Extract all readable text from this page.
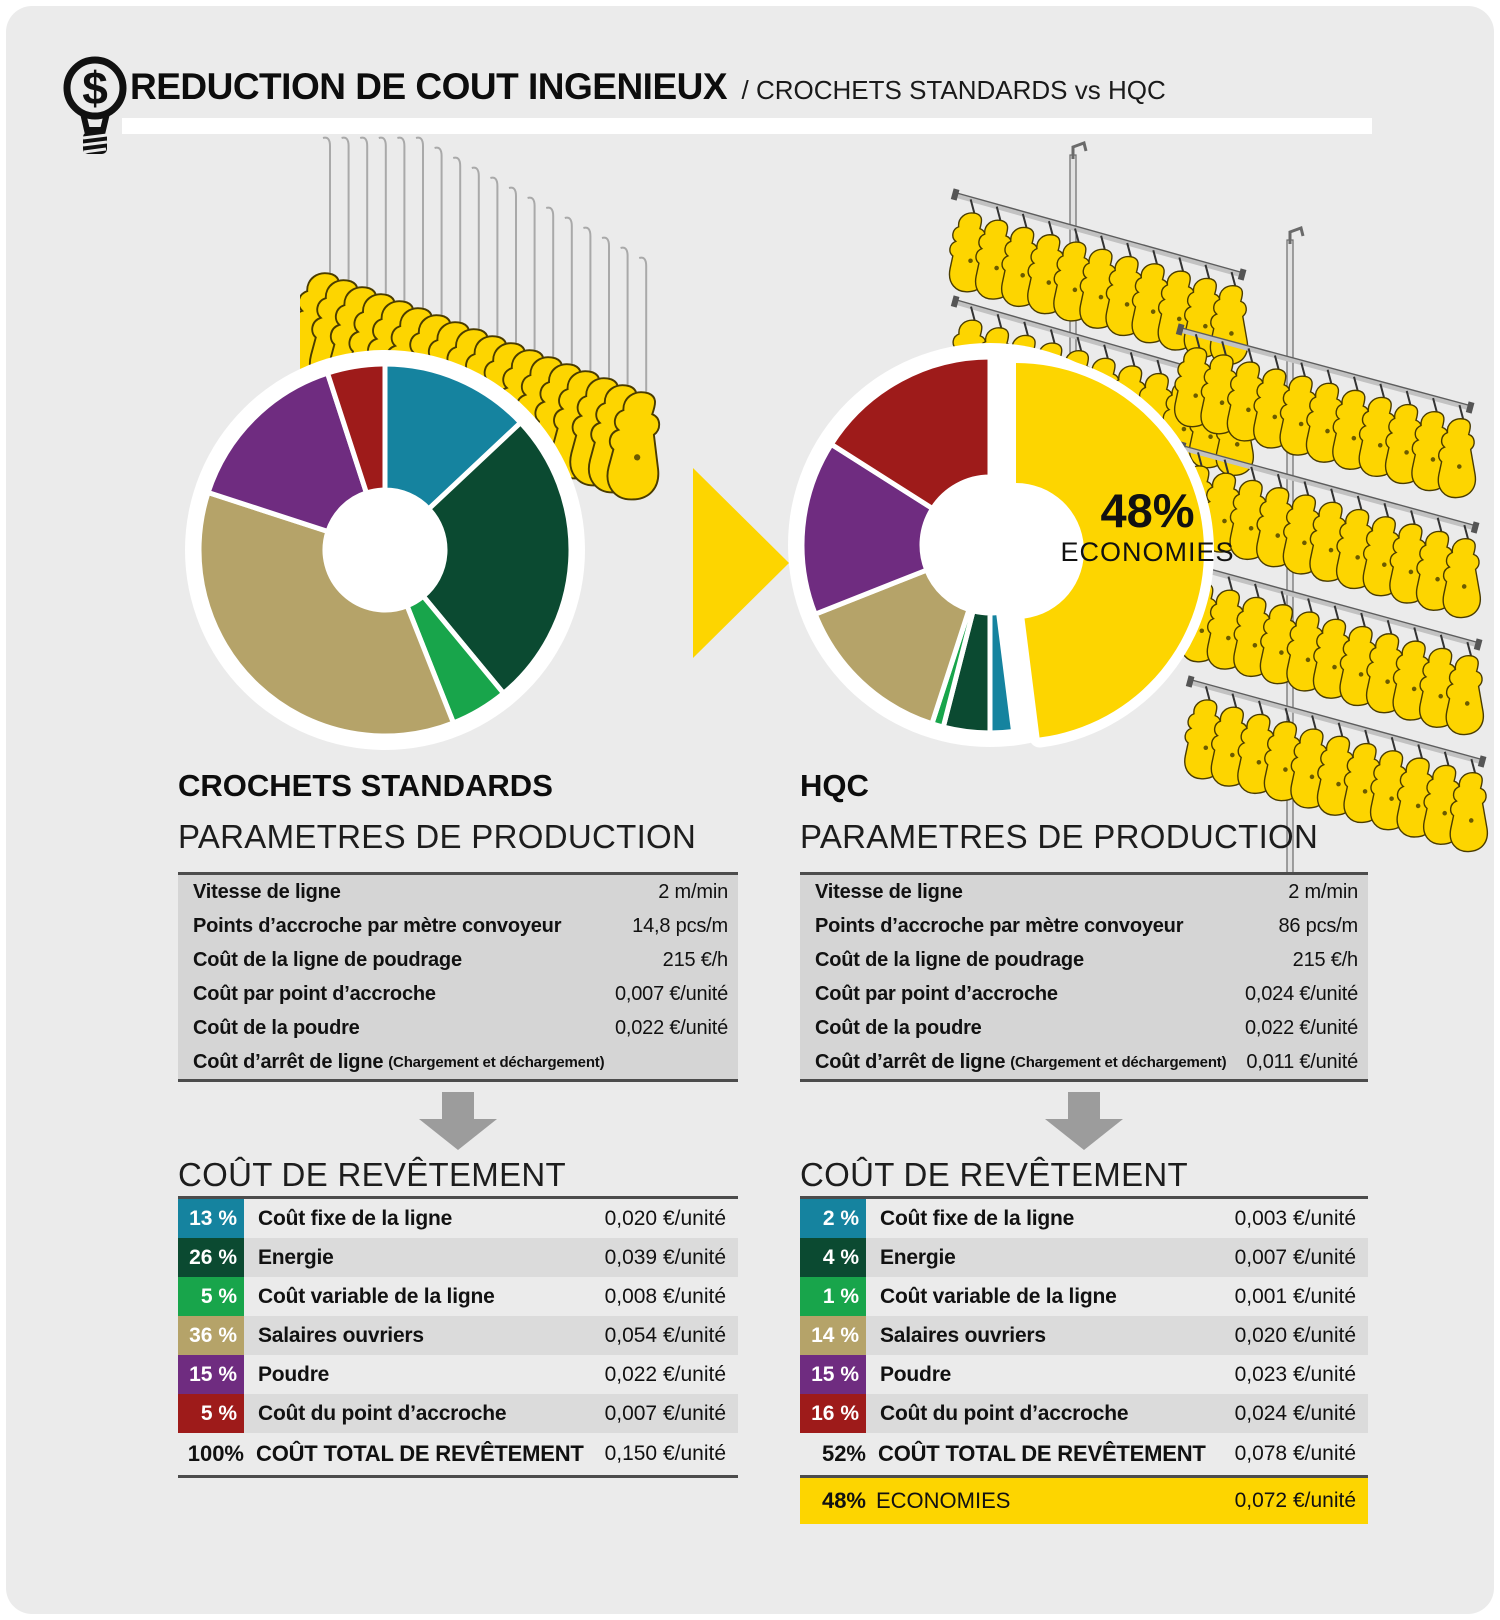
$ REDUCTION DE COUT INGENIEUX / CROCHETS STANDARDS vs HQC
48%
ECONOMIES
CROCHETS STANDARDS
PARAMETRES DE PRODUCTION
Vitesse de ligne	2 m/min
Points d’accroche par mètre convoyeur	14,8 pcs/m
Coût de la ligne de poudrage	215 €/h
Coût par point d’accroche	0,007 €/unité
Coût de la poudre	0,022 €/unité
Coût d’arrêt de ligne (Chargement et déchargement)
COÛT DE REVÊTEMENT
13 %	Coût fixe de la ligne	0,020 €/unité
26 %	Energie	0,039 €/unité
5 %	Coût variable de la ligne	0,008 €/unité
36 %	Salaires ouvriers	0,054 €/unité
15 %	Poudre	0,022 €/unité
5 %	Coût du point d’accroche	0,007 €/unité
100% COÛT TOTAL DE REVÊTEMENT 0,150 €/unité
HQC
PARAMETRES DE PRODUCTION
Vitesse de ligne	2 m/min
Points d’accroche par mètre convoyeur	86 pcs/m
Coût de la ligne de poudrage	215 €/h
Coût par point d’accroche	0,024 €/unité
Coût de la poudre	0,022 €/unité
Coût d’arrêt de ligne (Chargement et déchargement) 0,011 €/unité
COÛT DE REVÊTEMENT
2 %	Coût fixe de la ligne	0,003 €/unité
4 %	Energie	0,007 €/unité
1 %	Coût variable de la ligne	0,001 €/unité
14 %	Salaires ouvriers	0,020 €/unité
15 %	Poudre	0,023 €/unité
16 %	Coût du point d’accroche	0,024 €/unité
52% COÛT TOTAL DE REVÊTEMENT 0,078 €/unité
48% ECONOMIES	0,072 €/unité
